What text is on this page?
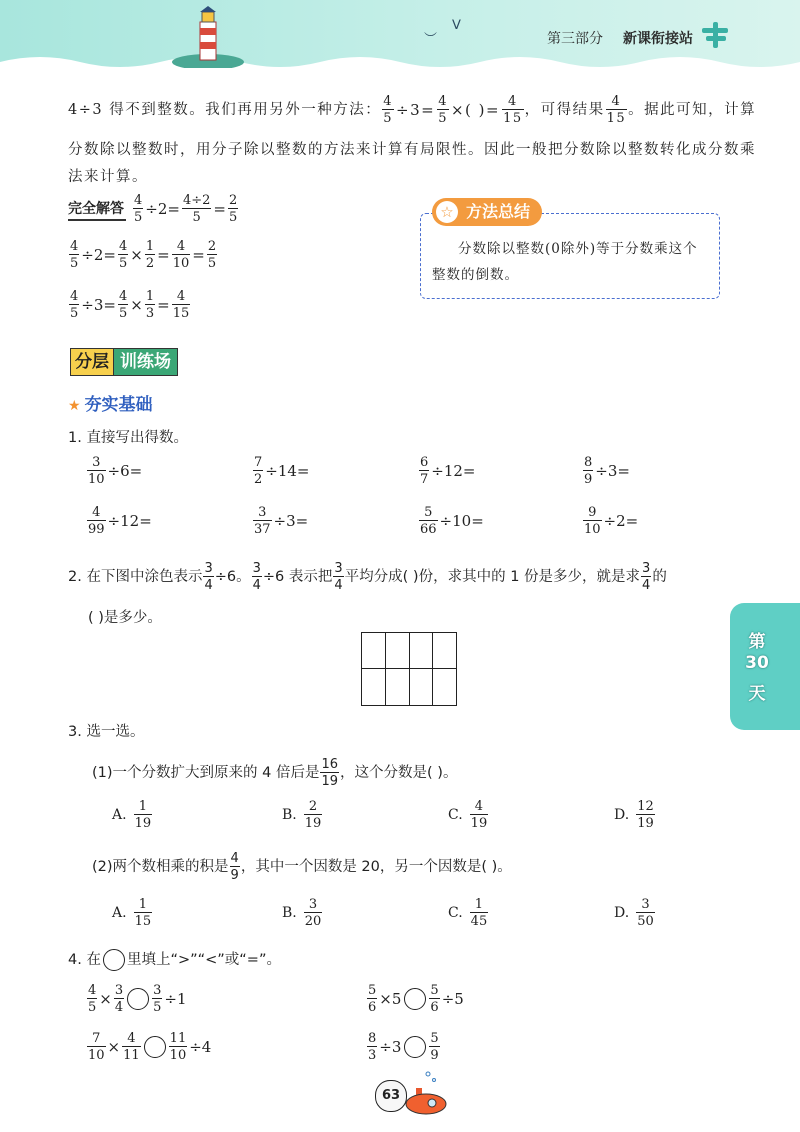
︶
ᐯ
第三部分 新课衔接站
4÷3 得不到整数。我们再用另外一种方法： $\frac{4}{5} \div 3= \frac{4}{5}$ ×( )= $\frac{4}{15}$ ，可得结果 $\frac{4}{15}$ 。据此可知，计算
分数除以整数时，用分子除以整数的方法来计算有局限性。因此一般把分数除以整数转化成分数乘
法来计算。
完全解答 $\frac{4}{5} \div 2= \frac{4\div 2}{5} = \frac{2}{5}$
$\frac{4}{5} \div 2= \frac{4}{5} \times \frac{1}{2} = \frac{4}{10} = \frac{2}{5}$
$\frac{4}{5} \div 3= \frac{4}{5} \times \frac{1}{3} = \frac{4}{15}$
方法总结
☆
分数除以整数(0除外)等于分数乘这个整数的倒数。
分层 训练场
★ 夯实基础
1. 直接写出得数。
$\frac{3}{10} \div 6=$	$\frac{7}{2} \div 14=$	$\frac{6}{7} \div 12=$	$\frac{8}{9} \div 3=$
$\frac{4}{99} \div 12=$	$\frac{3}{37} \div 3=$	$\frac{5}{66} \div 10=$	$\frac{9}{10} \div 2=$
2. 在下图中涂色表示 $\frac{3}{4} \div 6$。 $\frac{3}{4} \div 6$ 表示把 $\frac{3}{4}$ 平均分成( )份，求其中的 1 份是多少，就是求 $\frac{3}{4}$ 的
( )是多少。
第
30
天
3. 选一选。
(1)一个分数扩大到原来的 4 倍后是 $\frac{16}{19}$ ，这个分数是( )。
A. $\frac{1}{19}$	B. $\frac{2}{19}$	C. $\frac{4}{19}$	D. $\frac{12}{19}$
(2)两个数相乘的积是 $\frac{4}{9}$ ，其中一个因数是 20，另一个因数是( )。
A. $\frac{1}{15}$	B. $\frac{3}{20}$	C. $\frac{1}{45}$	D. $\frac{3}{50}$
4. 在 里填上“>”“<”或“=”。
$\frac{4}{5} \times \frac{3}{4} \frac{3}{5} \div 1$	$\frac{5}{6} \times 5 \frac{5}{6} \div 5$
$\frac{7}{10} \times \frac{4}{11} \frac{11}{10} \div 4$	$\frac{8}{3} \div 3 \frac{5}{9}$
63
